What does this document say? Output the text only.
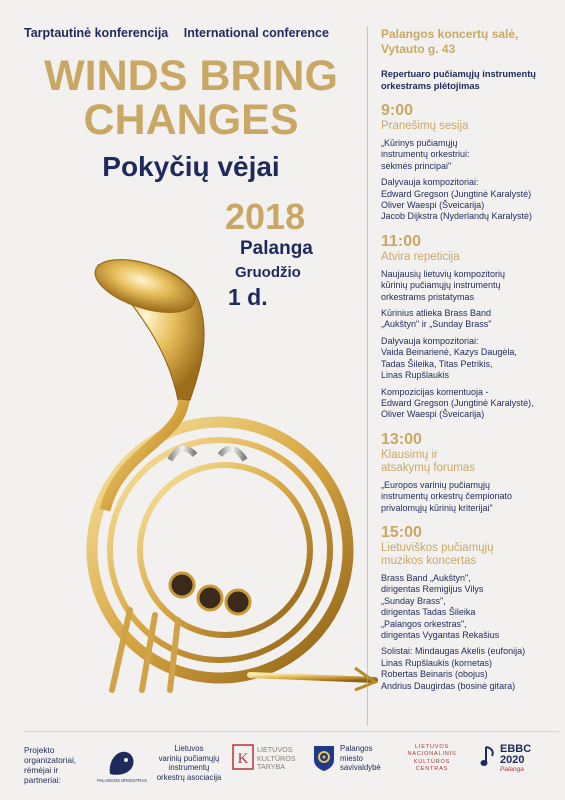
Tarptautinė konferencija International conference
WINDS BRING
CHANGES
Pokyčių vėjai
2018
Palanga
Gruodžio
1 d.
Palangos koncertų salė,
Vytauto g. 43
Repertuaro pučiamųjų instrumentų
orkestrams plėtojimas
9:00
Pranešimų sesija
„Kūrinys pučiamųjų
instrumentų orkestriui:
sėkmės principai"
Dalyvauja kompozitoriai:
Edward Gregson (Jungtinė Karalystė)
Oliver Waespi (Šveicarija)
Jacob Dijkstra (Nyderlandų Karalystė)
11:00
Atvira repeticija
Naujausių lietuvių kompozitorių
kūrinių pučiamųjų instrumentų
orkestrams pristatymas
Kūrinius atlieka Brass Band
„Aukštyn" ir „Sunday Brass"
Dalyvauja kompozitoriai:
Vaida Beinarienė, Kazys Daugėla,
Tadas Šileika, Titas Petrikis,
Linas Rupšlaukis
Kompozicijas komentuoja -
Edward Gregson (Jungtinė Karalystė),
Oliver Waespi (Šveicarija)
13:00
Klausimų ir
atsakymų forumas
„Europos varinių pučiamųjų
instrumentų orkestrų čempionato
privalomųjų kūrinių kriterijai"
15:00
Lietuviškos pučiamųjų
muzikos koncertas
Brass Band „Aukštyn",
dirigentas Remigijus Vilys
„Sunday Brass",
dirigentas Tadas Šileika
„Palangos orkestras",
dirigentas Vygantas Rekašius
Solistai: Mindaugas Akelis (eufonija)
Linas Rupšlaukis (kornetas)
Robertas Beinaris (obojus)
Andrius Daugirdas (bosinė gitara)
Projekto
organizatoriai,
rėmėjai ir
partneriai:	PALANGOS ORKESTRAS
Lietuvos
varinių pučiamųjų
instrumentų
orkestrų asociacija
K
LIETUVOS
KULTŪROS
TARYBA
Palangos
miesto
savivaldybė
LIETUVOS
NACIONALINIS
KULTŪROS
CENTRAS
EBBC
2020
Palanga
